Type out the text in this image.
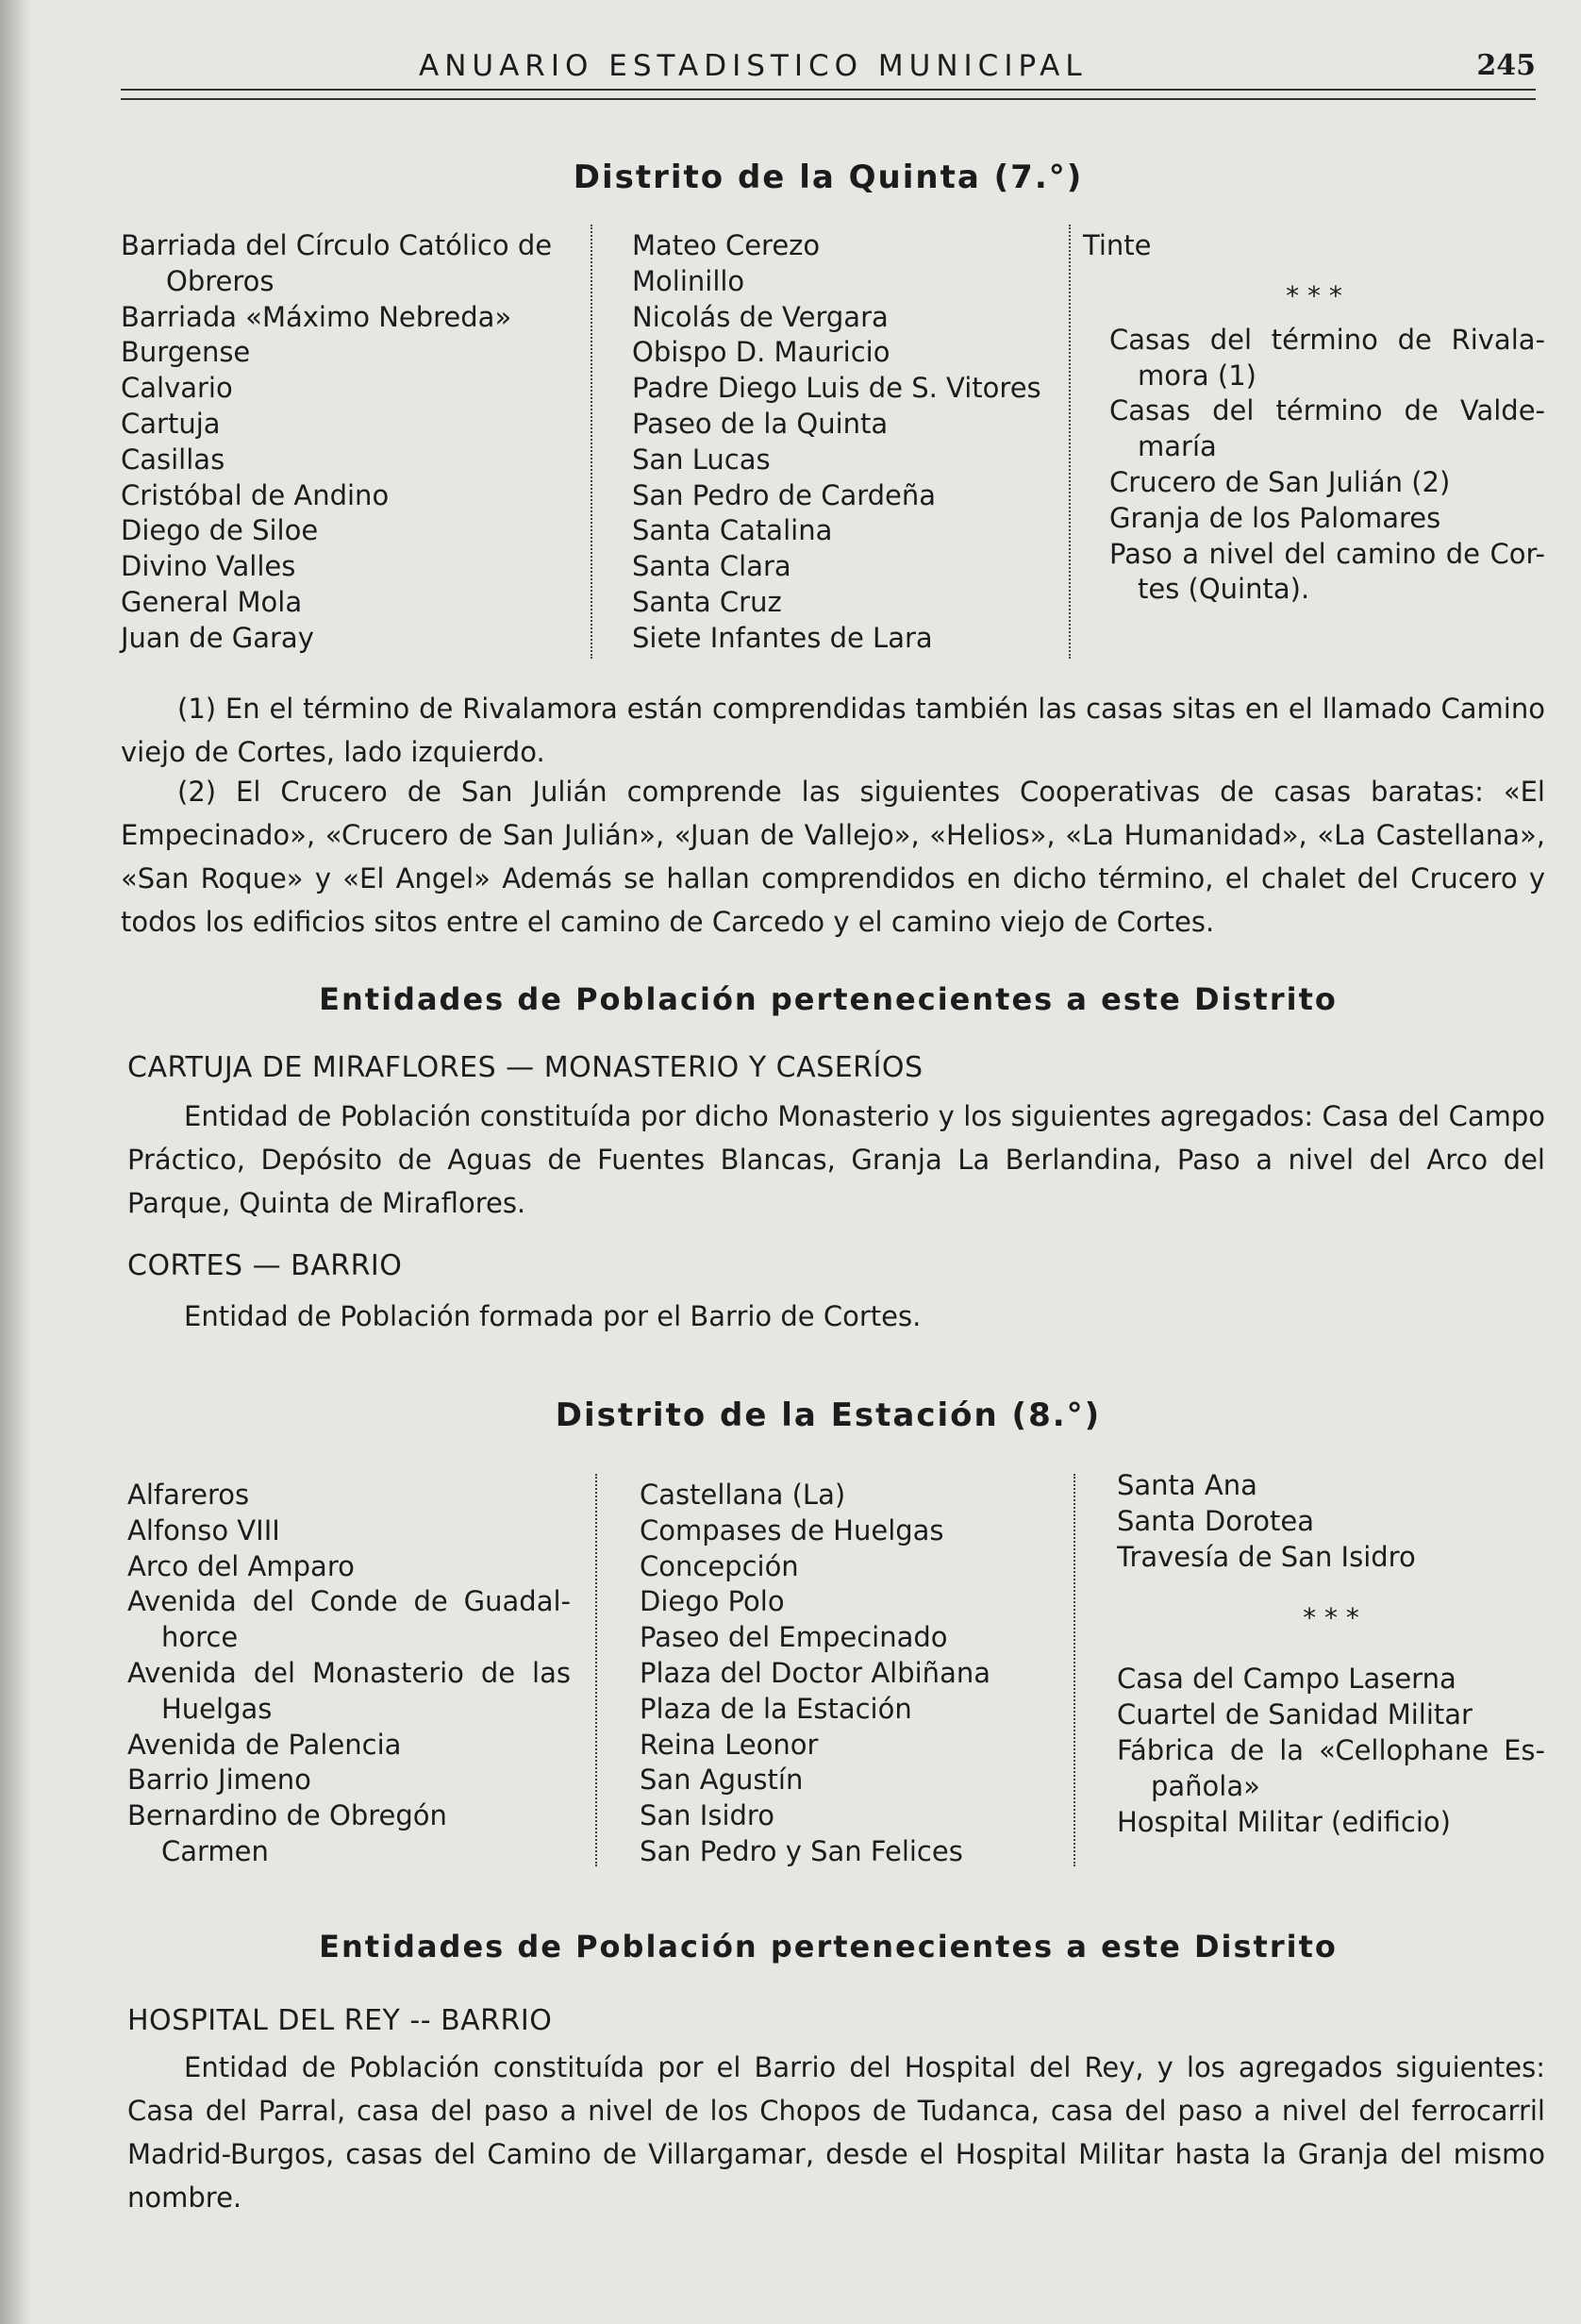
ANUARIO ESTADISTICO MUNICIPAL	245
Distrito de la Quinta (7.°)
Barriada del Círculo Católico de
Obreros
Barriada «Máximo Nebreda»
Burgense
Calvario
Cartuja
Casillas
Cristóbal de Andino
Diego de Siloe
Divino Valles
General Mola
Juan de Garay
Mateo Cerezo
Molinillo
Nicolás de Vergara
Obispo D. Mauricio
Padre Diego Luis de S. Vitores
Paseo de la Quinta
San Lucas
San Pedro de Cardeña
Santa Catalina
Santa Clara
Santa Cruz
Siete Infantes de Lara
Tinte
* * *
Casas del término de Rivala-
mora (1)
Casas del término de Valde-
maría
Crucero de San Julián (2)
Granja de los Palomares
Paso a nivel del camino de Cor-
tes (Quinta).
(1) En el término de Rivalamora están comprendidas también las casas sitas en el llamado Camino viejo de Cortes, lado izquierdo.
(2) El Crucero de San Julián comprende las siguientes Cooperativas de casas baratas: «El Empecinado», «Crucero de San Julián», «Juan de Vallejo», «Helios», «La Humanidad», «La Castellana», «San Roque» y «El Angel» Además se hallan comprendidos en dicho término, el chalet del Crucero y todos los edificios sitos entre el camino de Carcedo y el camino viejo de Cortes.
Entidades de Población pertenecientes a este Distrito
CARTUJA DE MIRAFLORES — MONASTERIO Y CASERÍOS
Entidad de Población constituída por dicho Monasterio y los siguientes agregados: Casa del Campo Práctico, Depósito de Aguas de Fuentes Blancas, Granja La Berlandina, Paso a nivel del Arco del Parque, Quinta de Miraflores.
CORTES — BARRIO
Entidad de Población formada por el Barrio de Cortes.
Distrito de la Estación (8.°)
Alfareros
Alfonso VIII
Arco del Amparo
Avenida del Conde de Guadal-
horce
Avenida del Monasterio de las
Huelgas
Avenida de Palencia
Barrio Jimeno
Bernardino de Obregón
Carmen
Castellana (La)
Compases de Huelgas
Concepción
Diego Polo
Paseo del Empecinado
Plaza del Doctor Albiñana
Plaza de la Estación
Reina Leonor
San Agustín
San Isidro
San Pedro y San Felices
Santa Ana
Santa Dorotea
Travesía de San Isidro
* * *
Casa del Campo Laserna
Cuartel de Sanidad Militar
Fábrica de la «Cellophane Es-
pañola»
Hospital Militar (edificio)
Entidades de Población pertenecientes a este Distrito
HOSPITAL DEL REY -- BARRIO
Entidad de Población constituída por el Barrio del Hospital del Rey, y los agregados siguientes: Casa del Parral, casa del paso a nivel de los Chopos de Tudanca, casa del paso a nivel del ferrocarril Madrid-Burgos, casas del Camino de Villargamar, desde el Hospital Militar hasta la Granja del mismo nombre.
